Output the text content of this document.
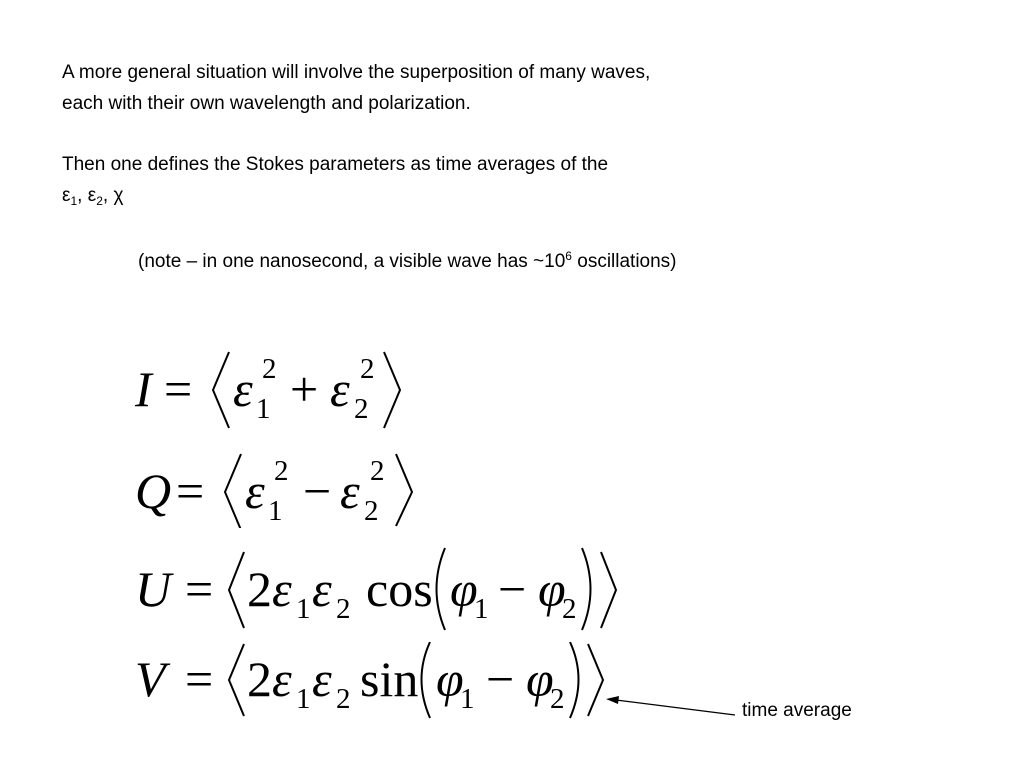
A more general situation will involve the superposition of many waves,
each with their own wavelength and polarization.
Then one defines the Stokes parameters as time averages of the
$\varepsilon_1$, $\varepsilon_2$, χ
(note – in one nanosecond, a visible wave has $\sim 10^6$ oscillations)
I = ε 2
1 + ε 2
2
Q = ε 2
1 − ε 2
2
U = 2 ε 1 ε 2 cos φ
1 − φ
2
V = 2 ε 1 ε 2 sin φ
1 − φ
2	time average
